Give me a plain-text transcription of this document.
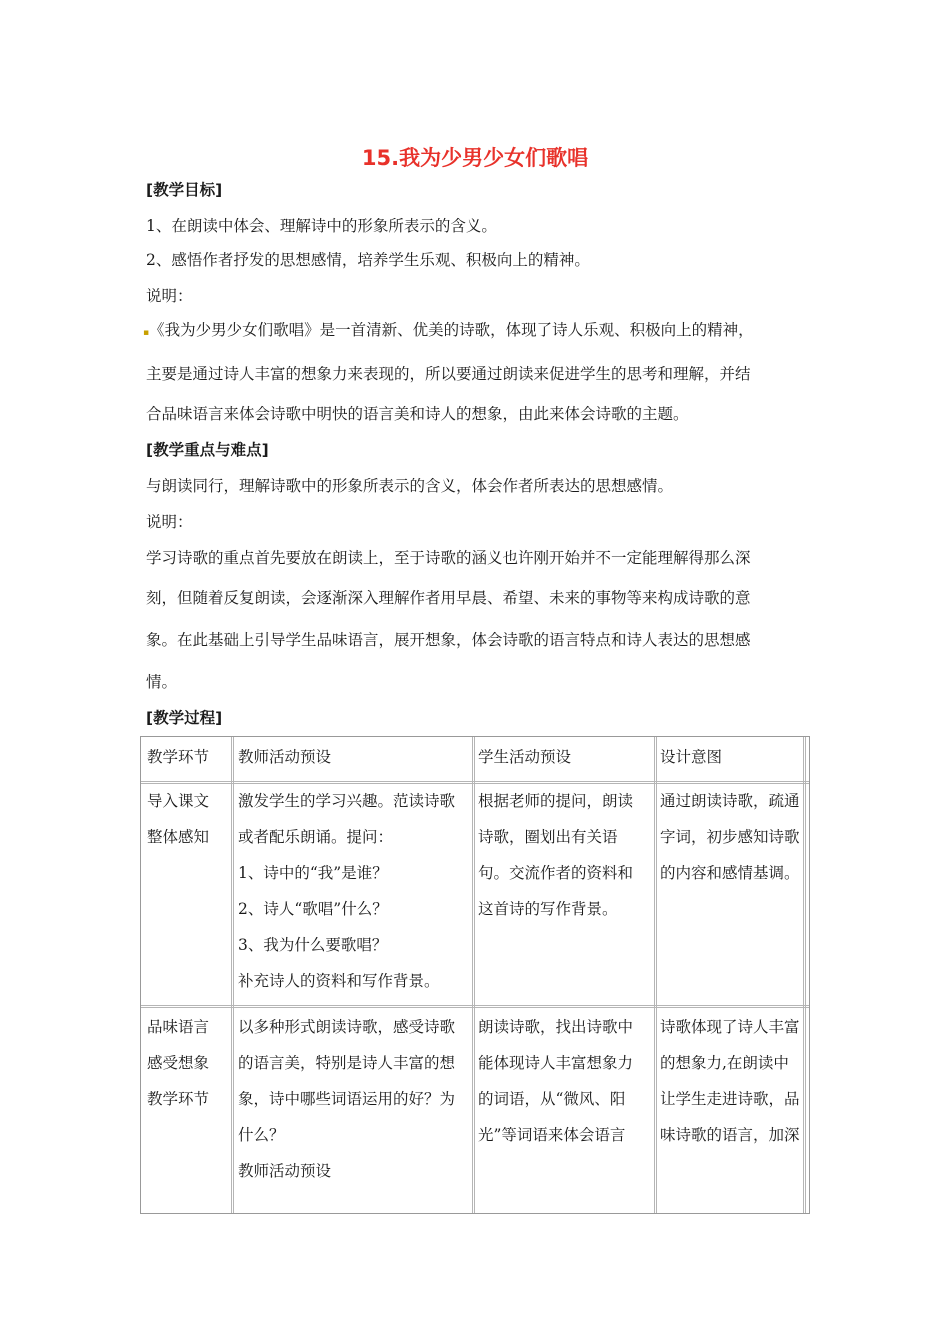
15.我为少男少女们歌唱
[教学目标]
1、在朗读中体会、理解诗中的形象所表示的含义。
2、感悟作者抒发的思想感情，培养学生乐观、积极向上的精神。
说明：
▪《我为少男少女们歌唱》是一首清新、优美的诗歌，体现了诗人乐观、积极向上的精神，
主要是通过诗人丰富的想象力来表现的，所以要通过朗读来促进学生的思考和理解，并结
合品味语言来体会诗歌中明快的语言美和诗人的想象，由此来体会诗歌的主题。
[教学重点与难点]
与朗读同行，理解诗歌中的形象所表示的含义，体会作者所表达的思想感情。
说明：
学习诗歌的重点首先要放在朗读上，至于诗歌的涵义也许刚开始并不一定能理解得那么深
刻，但随着反复朗读，会逐渐深入理解作者用早晨、希望、未来的事物等来构成诗歌的意
象。在此基础上引导学生品味语言，展开想象，体会诗歌的语言特点和诗人表达的思想感
情。
[教学过程]
教学环节 教师活动预设	学生活动预设	设计意图
导入课文
整体感知
激发学生的学习兴趣。范读诗歌
或者配乐朗诵。提问：
1、诗中的“我”是谁？
2、诗人“歌唱”什么？
3、我为什么要歌唱？
补充诗人的资料和写作背景。
根据老师的提问，朗读
诗歌，圈划出有关语
句。交流作者的资料和
这首诗的写作背景。
通过朗读诗歌，疏通
字词，初步感知诗歌
的内容和感情基调。
品味语言
感受想象
教学环节
以多种形式朗读诗歌，感受诗歌
的语言美，特别是诗人丰富的想
象，诗中哪些词语运用的好？为
什么？
教师活动预设
朗读诗歌，找出诗歌中
能体现诗人丰富想象力
的词语，从“微风、阳
光”等词语来体会语言
诗歌体现了诗人丰富
的想象力,在朗读中
让学生走进诗歌，品
味诗歌的语言，加深
